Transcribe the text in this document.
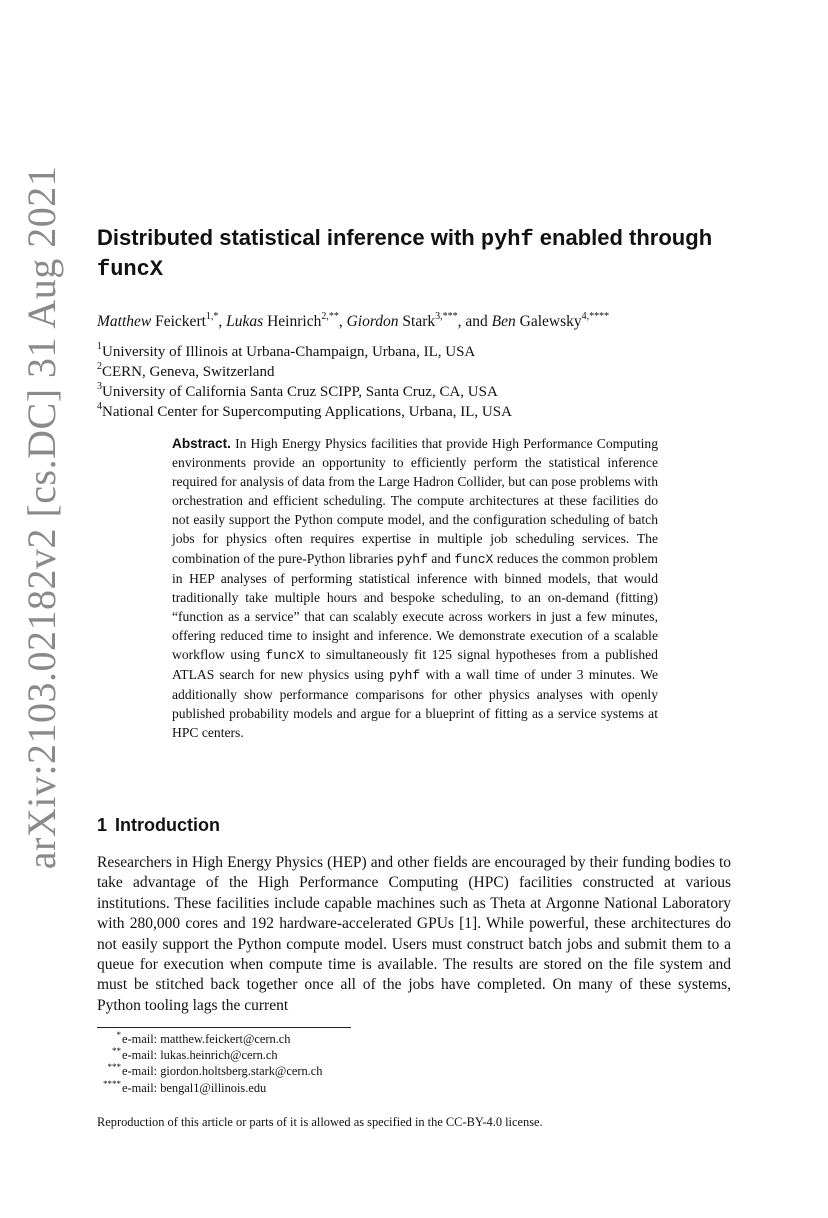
arXiv:2103.02182v2 [cs.DC] 31 Aug 2021 Distributed statistical inference with pyhf enabled through
funcX
Matthew Feickert$^{1,*}$, Lukas Heinrich$^{2,**}$, Giordon Stark$^{3,***}$, and Ben Galewsky$^{4,****}$
$^1$University of Illinois at Urbana-Champaign, Urbana, IL, USA
$^2$CERN, Geneva, Switzerland
$^3$University of California Santa Cruz SCIPP, Santa Cruz, CA, USA
$^4$National Center for Supercomputing Applications, Urbana, IL, USA
Abstract. In High Energy Physics facilities that provide High Performance Computing environments provide an opportunity to efficiently perform the statistical inference required for analysis of data from the Large Hadron Collider, but can pose problems with orchestration and efficient scheduling. The compute architectures at these facilities do not easily support the Python compute model, and the configuration scheduling of batch jobs for physics often requires expertise in multiple job scheduling services. The combination of the pure-Python libraries pyhf and funcX reduces the common problem in HEP analyses of performing statistical inference with binned models, that would traditionally take multiple hours and bespoke scheduling, to an on-demand (fitting) “function as a service” that can scalably execute across workers in just a few minutes, offering reduced time to insight and inference. We demonstrate execution of a scalable workflow using funcX to simultaneously fit 125 signal hypotheses from a published ATLAS search for new physics using pyhf with a wall time of under 3 minutes. We additionally show performance comparisons for other physics analyses with openly published probability models and argue for a blueprint of fitting as a service systems at HPC centers.
1 Introduction
Researchers in High Energy Physics (HEP) and other fields are encouraged by their funding bodies to take advantage of the High Performance Computing (HPC) facilities constructed at various institutions. These facilities include capable machines such as Theta at Argonne National Laboratory with 280,000 cores and 192 hardware-accelerated GPUs [1]. While powerful, these architectures do not easily support the Python compute model. Users must construct batch jobs and submit them to a queue for execution when compute time is available. The results are stored on the file system and must be stitched back together once all of the jobs have completed. On many of these systems, Python tooling lags the current
* e-mail: matthew.feickert@cern.ch
** e-mail: lukas.heinrich@cern.ch
*** e-mail: giordon.holtsberg.stark@cern.ch
**** e-mail: bengal1@illinois.edu
Reproduction of this article or parts of it is allowed as specified in the CC-BY-4.0 license.
